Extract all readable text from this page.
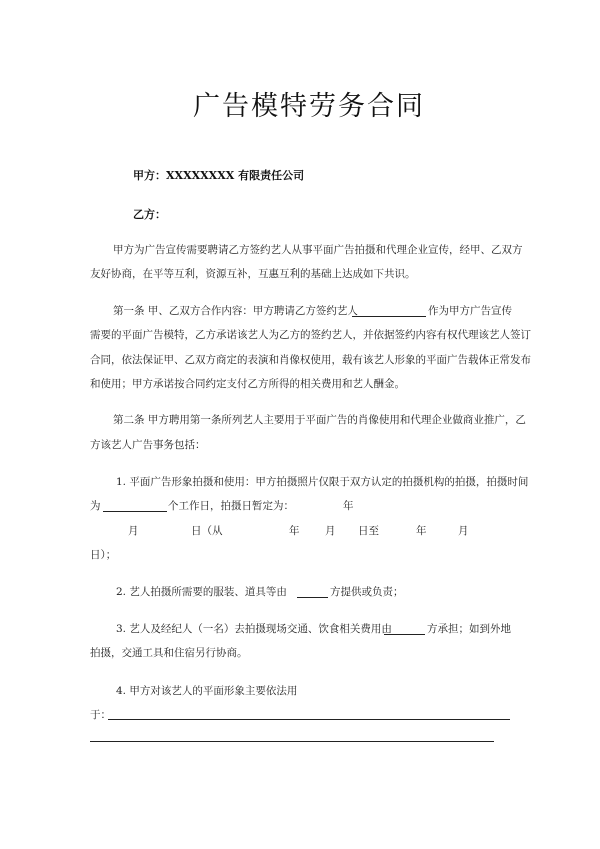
广告模特劳务合同
甲方：XXXXXXXX 有限责任公司
乙方：
甲方为广告宣传需要聘请乙方签约艺人从事平面广告拍摄和代理企业宣传，经甲、乙双方
友好协商，在平等互利，资源互补，互惠互利的基础上达成如下共识。
第一条 甲、乙双方合作内容：甲方聘请乙方签约艺人	作为甲方广告宣传
需要的平面广告模特，乙方承诺该艺人为乙方的签约艺人，并依据签约内容有权代理该艺人签订
合同，依法保证甲、乙双方商定的表演和肖像权使用，载有该艺人形象的平面广告载体正常发布
和使用；甲方承诺按合同约定支付乙方所得的相关费用和艺人酬金。
第二条 甲方聘用第一条所列艺人主要用于平面广告的肖像使用和代理企业做商业推广，乙
方该艺人广告事务包括：
1. 平面广告形象拍摄和使用：甲方拍摄照片仅限于双方认定的拍摄机构的拍摄，拍摄时间
为	个工作日，拍摄日暂定为：	年
月	日（从	年 月 日至	年	月
日）；
2. 艺人拍摄所需要的服装、道具等由	方提供或负责；
3. 艺人及经纪人（一名）去拍摄现场交通、饮食相关费用由	方承担；如到外地
拍摄，交通工具和住宿另行协商。
4. 甲方对该艺人的平面形象主要依法用
于：
